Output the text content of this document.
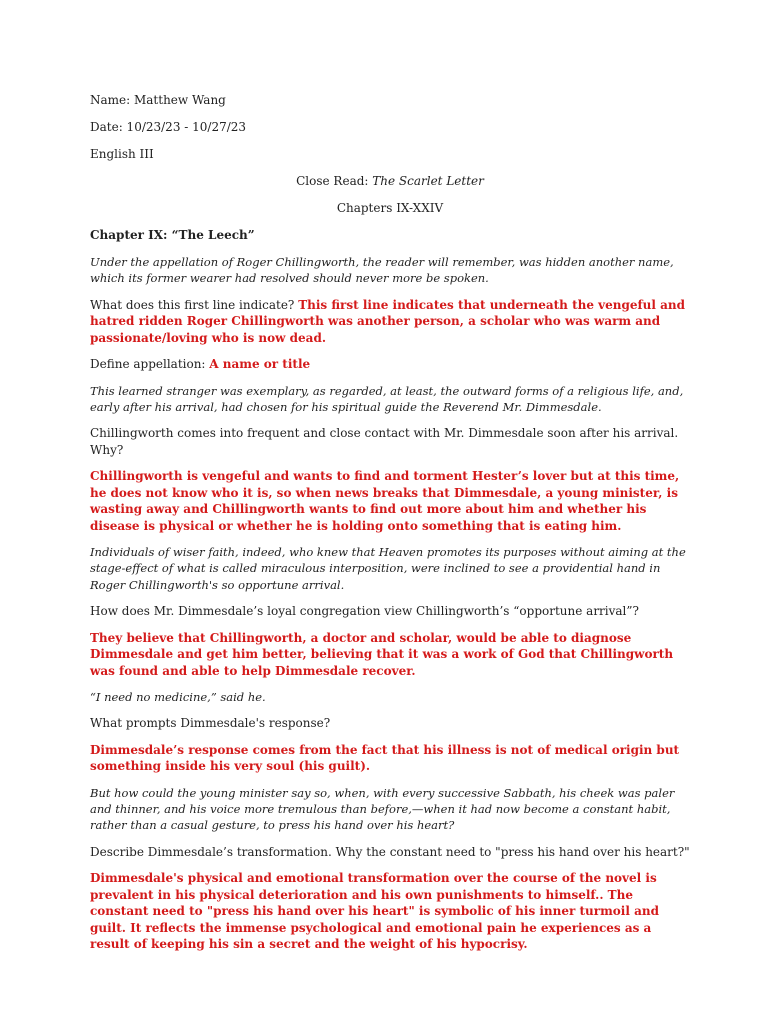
Name: Matthew Wang

Date: 10/23/23 - 10/27/23

English III

Close Read: The Scarlet Letter

Chapters IX-XXIV

Chapter IX: “The Leech”

Under the appellation of Roger Chillingworth, the reader will remember, was hidden another name, which its former wearer had resolved should never more be spoken.

What does this first line indicate? This first line indicates that underneath the vengeful and hatred ridden Roger Chillingworth was another person, a scholar who was warm and passionate/loving who is now dead.

Define appellation: A name or title

This learned stranger was exemplary, as regarded, at least, the outward forms of a religious life, and, early after his arrival, had chosen for his spiritual guide the Reverend Mr. Dimmesdale.

Chillingworth comes into frequent and close contact with Mr. Dimmesdale soon after his arrival. Why?

Chillingworth is vengeful and wants to find and torment Hester’s lover but at this time, he does not know who it is, so when news breaks that Dimmesdale, a young minister, is wasting away and Chillingworth wants to find out more about him and whether his disease is physical or whether he is holding onto something that is eating him.

Individuals of wiser faith, indeed, who knew that Heaven promotes its purposes without aiming at the stage-effect of what is called miraculous interposition, were inclined to see a providential hand in Roger Chillingworth's so opportune arrival.

How does Mr. Dimmesdale’s loyal congregation view Chillingworth’s “opportune arrival”?

They believe that Chillingworth, a doctor and scholar, would be able to diagnose Dimmesdale and get him better, believing that it was a work of God that Chillingworth was found and able to help Dimmesdale recover.

“I need no medicine,” said he.

What prompts Dimmesdale's response?

Dimmesdale’s response comes from the fact that his illness is not of medical origin but something inside his very soul (his guilt).

But how could the young minister say so, when, with every successive Sabbath, his cheek was paler and thinner, and his voice more tremulous than before,—when it had now become a constant habit, rather than a casual gesture, to press his hand over his heart?

Describe Dimmesdale’s transformation. Why the constant need to "press his hand over his heart?"

Dimmesdale's physical and emotional transformation over the course of the novel is prevalent in his physical deterioration and his own punishments to himself.. The constant need to "press his hand over his heart" is symbolic of his inner turmoil and guilt. It reflects the immense psychological and emotional pain he experiences as a result of keeping his sin a secret and the weight of his hypocrisy.
